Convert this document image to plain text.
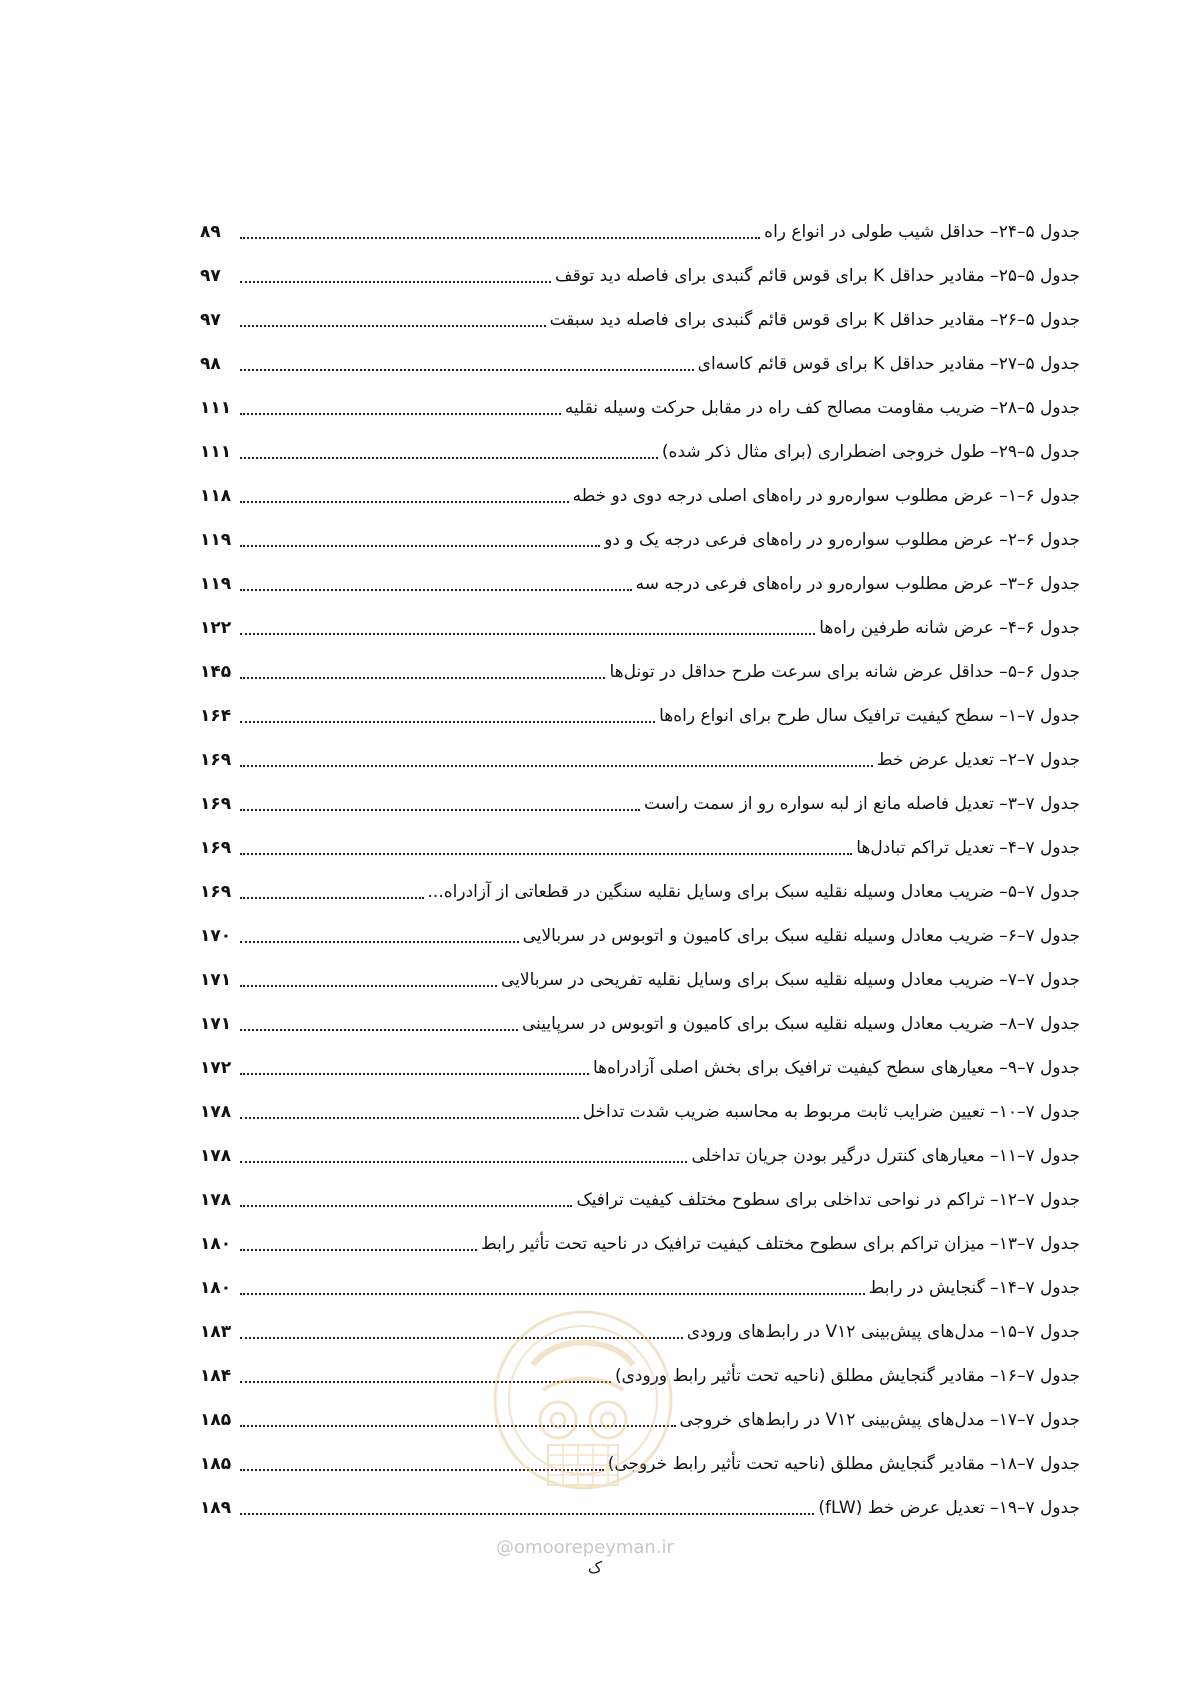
جدول ۵–۲۴– حداقل شیب طولی در انواع راه
۸۹
جدول ۵–۲۵– مقادیر حداقل K برای قوس قائم گنبدی برای فاصله دید توقف
۹۷
جدول ۵–۲۶– مقادیر حداقل K برای قوس قائم گنبدی برای فاصله دید سبقت
۹۷
جدول ۵–۲۷– مقادیر حداقل K برای قوس قائم کاسه‌ای
۹۸
جدول ۵–۲۸– ضریب مقاومت مصالح کف راه در مقابل حرکت وسیله نقلیه
۱۱۱
جدول ۵–۲۹– طول خروجی اضطراری (برای مثال ذکر شده)
۱۱۱
جدول ۶–۱– عرض مطلوب سواره‌رو در راه‌های اصلی درجه دوی دو خطه
۱۱۸
جدول ۶–۲– عرض مطلوب سواره‌رو در راه‌های فرعی درجه یک و دو
۱۱۹
جدول ۶–۳– عرض مطلوب سواره‌رو در راه‌های فرعی درجه سه
۱۱۹
جدول ۶–۴– عرض شانه طرفین راه‌ها
۱۲۲
جدول ۶–۵– حداقل عرض شانه برای سرعت طرح حداقل در تونل‌ها
۱۴۵
جدول ۷–۱– سطح کیفیت ترافیک سال طرح برای انواع راه‌ها
۱۶۴
جدول ۷–۲– تعدیل عرض خط
۱۶۹
جدول ۷–۳– تعدیل فاصله مانع از لبه سواره رو از سمت راست
۱۶۹
جدول ۷–۴– تعدیل تراکم تبادل‌ها
۱۶۹
جدول ۷–۵– ضریب معادل وسیله نقلیه سبک برای وسایل نقلیه سنگین در قطعاتی از آزادراه...
۱۶۹
جدول ۷–۶– ضریب معادل وسیله نقلیه سبک برای کامیون و اتوبوس در سربالایی
۱۷۰
جدول ۷–۷– ضریب معادل وسیله نقلیه سبک برای وسایل نقلیه تفریحی در سربالایی
۱۷۱
جدول ۷–۸– ضریب معادل وسیله نقلیه سبک برای کامیون و اتوبوس در سرپایینی
۱۷۱
جدول ۷–۹– معیارهای سطح کیفیت ترافیک برای بخش اصلی آزادراه‌ها
۱۷۲
جدول ۷–۱۰– تعیین ضرایب ثابت مربوط به محاسبه ضریب شدت تداخل
۱۷۸
جدول ۷–۱۱– معیارهای کنترل درگیر بودن جریان تداخلی
۱۷۸
جدول ۷–۱۲– تراکم در نواحی تداخلی برای سطوح مختلف کیفیت ترافیک
۱۷۸
جدول ۷–۱۳– میزان تراکم برای سطوح مختلف کیفیت ترافیک در ناحیه تحت تأثیر رابط
۱۸۰
جدول ۷–۱۴– گنجایش در رابط
۱۸۰
جدول ۷–۱۵– مدل‌های پیش‌بینی V۱۲ در رابط‌های ورودی
۱۸۳
جدول ۷–۱۶– مقادیر گنجایش مطلق (ناحیه تحت تأثیر رابط ورودی)
۱۸۴
جدول ۷–۱۷– مدل‌های پیش‌بینی V۱۲ در رابط‌های خروجی
۱۸۵
جدول ۷–۱۸– مقادیر گنجایش مطلق (ناحیه تحت تأثیر رابط خروجی)
۱۸۵
جدول ۷–۱۹– تعدیل عرض خط (fLW)
۱۸۹
@omoorepeyman.ir
ک
